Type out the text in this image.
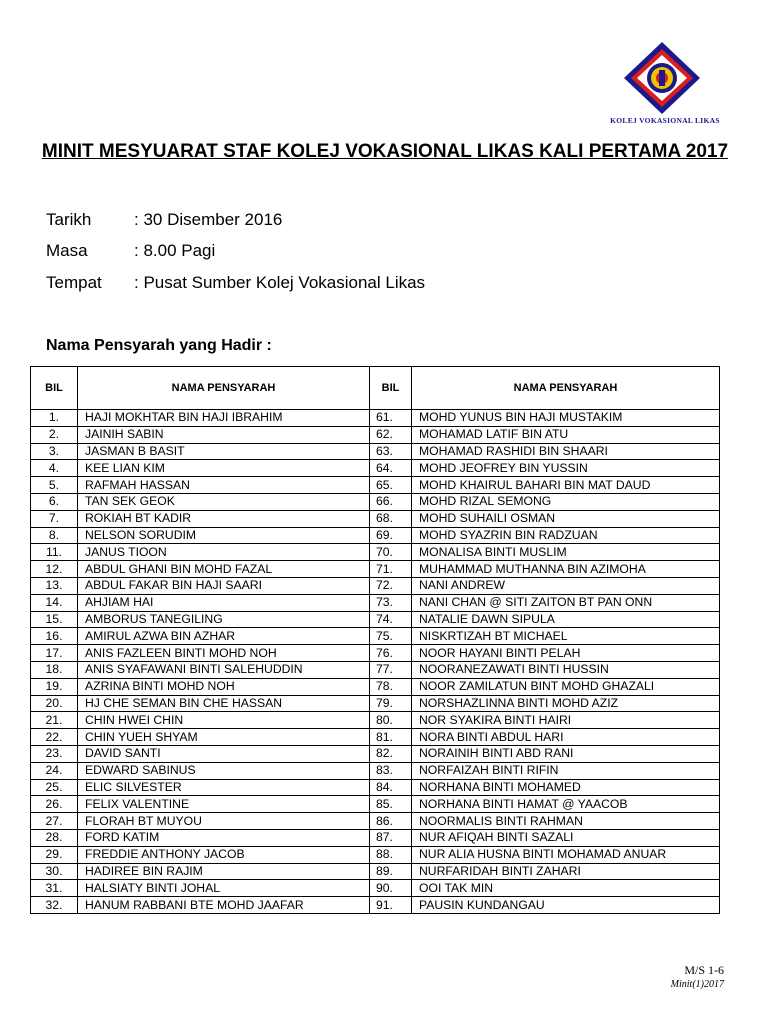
KOLEJ VOKASIONAL LIKAS
MINIT MESYUARAT STAF KOLEJ VOKASIONAL LIKAS KALI PERTAMA 2017
Tarikh	: 30 Disember 2016
Masa	: 8.00 Pagi
Tempat : Pusat Sumber Kolej Vokasional Likas
Nama Pensyarah yang Hadir :
BIL	NAMA PENSYARAH	BIL	NAMA PENSYARAH
1.	HAJI MOKHTAR BIN HAJI IBRAHIM	61.	MOHD YUNUS BIN HAJI MUSTAKIM
2.	JAINIH SABIN	62.	MOHAMAD LATIF BIN ATU
3.	JASMAN B BASIT	63.	MOHAMAD RASHIDI BIN SHAARI
4.	KEE LIAN KIM	64.	MOHD JEOFREY BIN YUSSIN
5.	RAFMAH HASSAN	65.	MOHD KHAIRUL BAHARI BIN MAT DAUD
6.	TAN SEK GEOK	66.	MOHD RIZAL SEMONG
7.	ROKIAH BT KADIR	68.	MOHD SUHAILI OSMAN
8.	NELSON SORUDIM	69.	MOHD SYAZRIN BIN RADZUAN
11.	JANUS TIOON	70.	MONALISA BINTI MUSLIM
12.	ABDUL GHANI BIN MOHD FAZAL	71.	MUHAMMAD MUTHANNA BIN AZIMOHA
13.	ABDUL FAKAR BIN HAJI SAARI	72.	NANI ANDREW
14.	AHJIAM HAI	73.	NANI CHAN @ SITI ZAITON BT PAN ONN
15.	AMBORUS TANEGILING	74.	NATALIE DAWN SIPULA
16.	AMIRUL AZWA BIN AZHAR	75.	NISKRTIZAH BT MICHAEL
17.	ANIS FAZLEEN BINTI MOHD NOH	76.	NOOR HAYANI BINTI PELAH
18.	ANIS SYAFAWANI BINTI SALEHUDDIN	77.	NOORANEZAWATI BINTI HUSSIN
19.	AZRINA BINTI MOHD NOH	78.	NOOR ZAMILATUN BINT MOHD GHAZALI
20.	HJ CHE SEMAN BIN CHE HASSAN	79.	NORSHAZLINNA BINTI MOHD AZIZ
21.	CHIN HWEI CHIN	80.	NOR SYAKIRA BINTI HAIRI
22.	CHIN YUEH SHYAM	81.	NORA BINTI ABDUL HARI
23.	DAVID SANTI	82.	NORAINIH BINTI ABD RANI
24.	EDWARD SABINUS	83.	NORFAIZAH BINTI RIFIN
25.	ELIC SILVESTER	84.	NORHANA BINTI MOHAMED
26.	FELIX VALENTINE	85.	NORHANA BINTI HAMAT @ YAACOB
27.	FLORAH BT MUYOU	86.	NOORMALIS BINTI RAHMAN
28.	FORD KATIM	87.	NUR AFIQAH BINTI SAZALI
29.	FREDDIE ANTHONY JACOB	88.	NUR ALIA HUSNA BINTI MOHAMAD ANUAR
30.	HADIREE BIN RAJIM	89.	NURFARIDAH BINTI ZAHARI
31.	HALSIATY BINTI JOHAL	90.	OOI TAK MIN
32.	HANUM RABBANI BTE MOHD JAAFAR	91.	PAUSIN KUNDANGAU
M/S 1-6
Minit(1)2017
